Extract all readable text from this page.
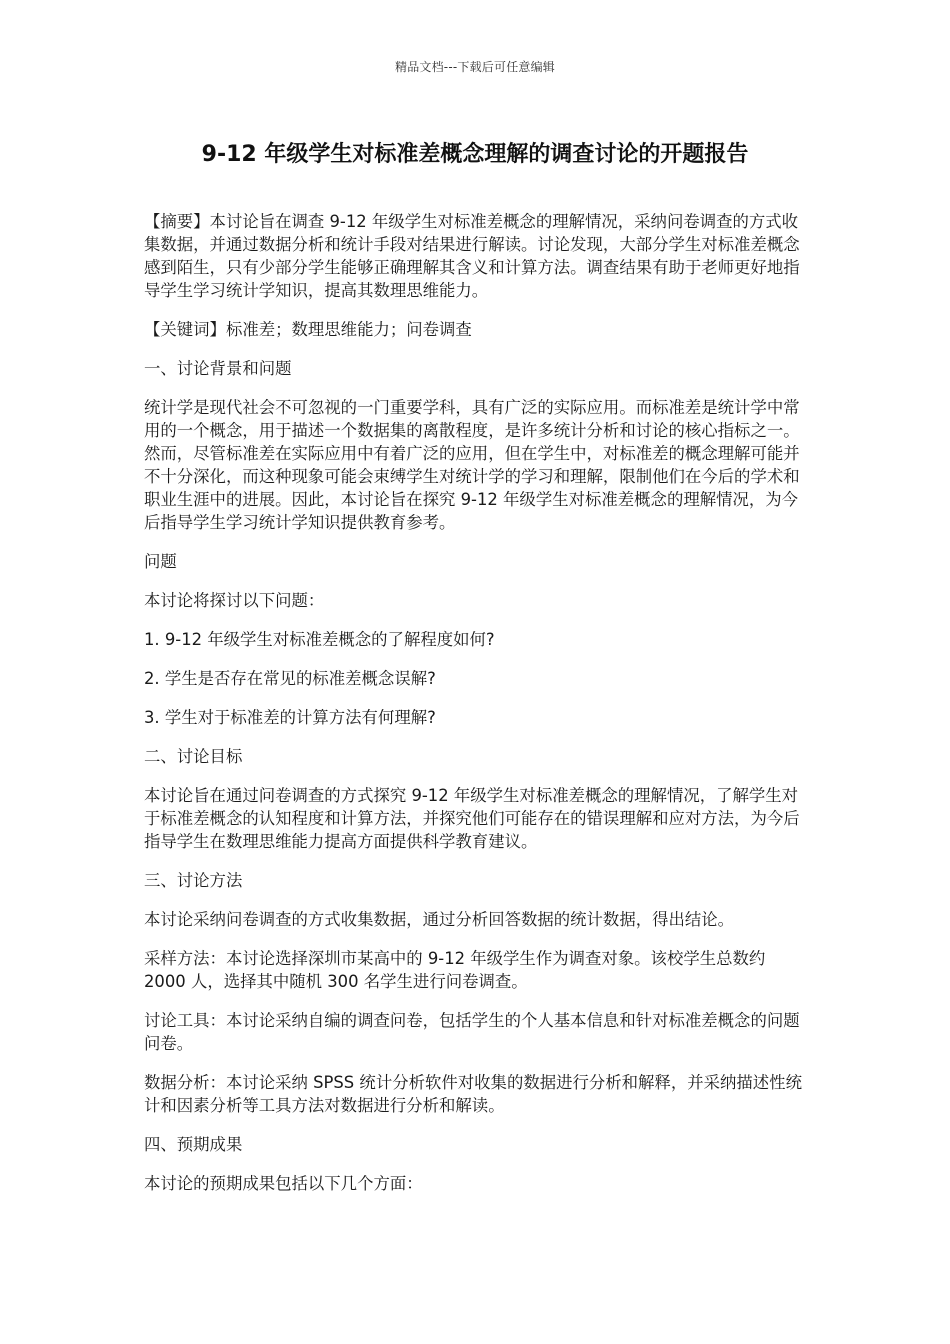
精品文档---下载后可任意编辑
9-12 年级学生对标准差概念理解的调查讨论的开题报告

【摘要】本讨论旨在调查 9-12 年级学生对标准差概念的理解情况，采纳问卷调查的方式收集数据，并通过数据分析和统计手段对结果进行解读。讨论发现，大部分学生对标准差概念感到陌生，只有少部分学生能够正确理解其含义和计算方法。调查结果有助于老师更好地指导学生学习统计学知识，提高其数理思维能力。

【关键词】标准差；数理思维能力；问卷调查

一、讨论背景和问题

统计学是现代社会不可忽视的一门重要学科，具有广泛的实际应用。而标准差是统计学中常用的一个概念，用于描述一个数据集的离散程度，是许多统计分析和讨论的核心指标之一。然而，尽管标准差在实际应用中有着广泛的应用，但在学生中，对标准差的概念理解可能并不十分深化，而这种现象可能会束缚学生对统计学的学习和理解，限制他们在今后的学术和职业生涯中的进展。因此，本讨论旨在探究 9-12 年级学生对标准差概念的理解情况，为今后指导学生学习统计学知识提供教育参考。

问题

本讨论将探讨以下问题：

1. 9-12 年级学生对标准差概念的了解程度如何?

2. 学生是否存在常见的标准差概念误解?

3. 学生对于标准差的计算方法有何理解?

二、讨论目标

本讨论旨在通过问卷调查的方式探究 9-12 年级学生对标准差概念的理解情况，了解学生对于标准差概念的认知程度和计算方法，并探究他们可能存在的错误理解和应对方法，为今后指导学生在数理思维能力提高方面提供科学教育建议。

三、讨论方法

本讨论采纳问卷调查的方式收集数据，通过分析回答数据的统计数据，得出结论。

采样方法：本讨论选择深圳市某高中的 9-12 年级学生作为调查对象。该校学生总数约 2000 人，选择其中随机 300 名学生进行问卷调查。

讨论工具：本讨论采纳自编的调查问卷，包括学生的个人基本信息和针对标准差概念的问题问卷。

数据分析：本讨论采纳 SPSS 统计分析软件对收集的数据进行分析和解释，并采纳描述性统计和因素分析等工具方法对数据进行分析和解读。

四、预期成果

本讨论的预期成果包括以下几个方面：
